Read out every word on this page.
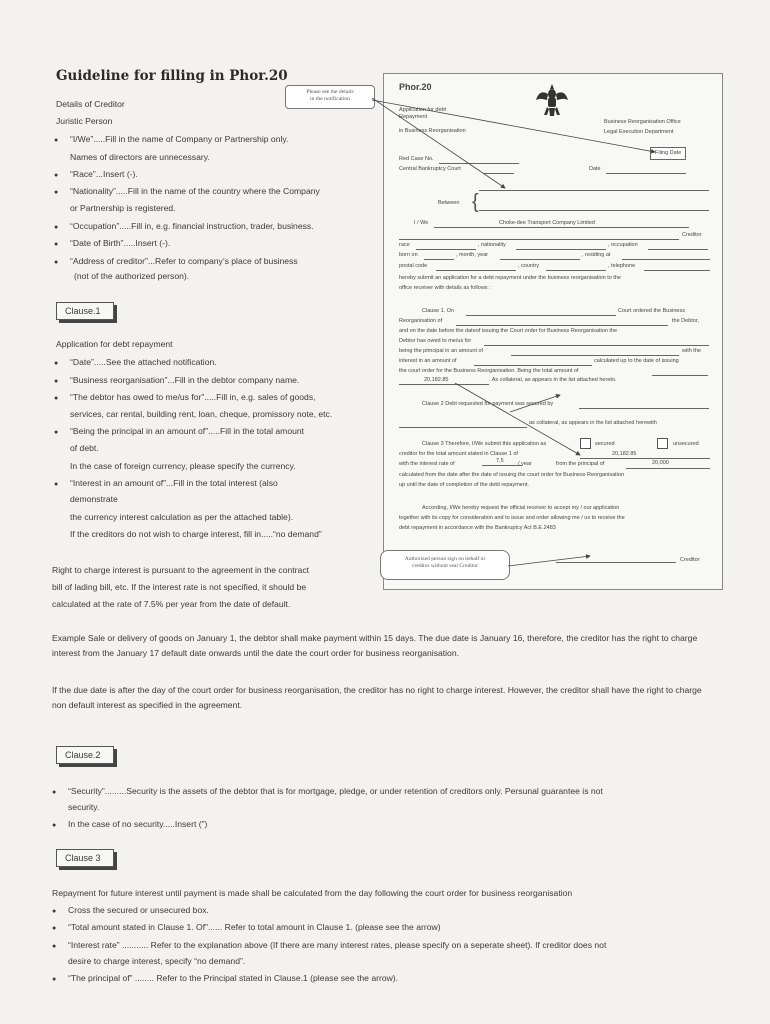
Guideline for filling in Phor.20
Please see the details
in the notification
Details of Creditor
Juristic Person
● “I/We”.....Fill in the name of Company or Partnership only.
Names of directors are unnecessary.
● “Race”...Insert (-).
● “Nationality”.....Fill in the name of the country where the Company
or Partnership is registered.
● “Occupation”.....Fill in, e.g. financial instruction, trader, business.
● “Date of Birth”.....Insert (-).
● “Address of creditor”...Refer to company’s place of business
(not of the authorized person).
Clause.1
Application for debt repayment
● “Date”.....See the attached notification.
● “Business reorganisation”...Fill in the debtor company name.
● “The debtor has owed to me/us for”.....Fill in, e.g. sales of goods,
services, car rental, building rent, loan, cheque, promissory note, etc.
● “Being the principal in an amount of”.....Fill in the total amount
of debt.
In the case of foreign currency, please specify the currency.
● “Interest in an amount of”...Fill in the total interest (also
demonstrate
the currency interest calculation as per the attached table).
If the creditors do not wish to charge interest, fill in.....“no demand”
Right to charge interest is pursuant to the agreement in the contract
bill of lading bill, etc. If the interest rate is not specified, it should be
calculated at the rate of 7.5% per year from the date of default.
Phor.20
Application for debt
Repayment
in Business Reorganisation
Business Reorganisation Office
Legal Execution Department
Filing Date
Red Case No.
Central Bankruptcy Court	Date
Between {
I / We	Choke-dee Transport Company Limited
Creditor
race	, nationality	, occupation
born on	, month, year	, residing at
postal code	, country	, telephone
hereby submit an application for a debt repayment under the business reorganisation to the
office receiver with details as follows :
Clause 1. On	Court ordered the Business
Reorganisation of	the Debtor,
and on the date before the dateof issuing the Court order for Business Reorganisation the
Debtor has owed to me/us for
being the principal in an amount of	with the
interest in an amount of	calculated up to the date of issuing
the court order for the Business Reorganisation. Being the total amount of
20,182.85	. As collateral, as appears in the list attached hereto.
Clause 2 Debt requested for payment was secured by
as collateral, as appears in the list attached herewith
Clause 3 Therefore, I/We submit this application as	secured	unsecured
creditor for the total amount stated in Clause 1 of	20,182.85
with the interest rate of	7.5	/ year	from the principal of	20,000
calculated from the date after the date of issuing the court order for Business Reorganisation
up until the date of completion of the debt repayment.
According, I/We hereby request the official receiver to accept my / our application
together with its copy for consideration and to issue and order allowing me / us to receive the
debt repayment in accordance with the Bankruptcy Act B.E.2483
Creditor
Authorized person sign on behalf or
creditor without seal Creditor
Example Sale or delivery of goods on January 1, the debtor shall make payment within 15 days. The due date is January 16, therefore, the creditor has the right to charge interest from the January 17 default date onwards until the date the court order for business reorganisation.
If the due date is after the day of the court order for business reorganisation, the creditor has no right to charge interest. However, the creditor shall have the right to charge non default interest as specified in the agreement.
Clause.2
● “Security”.........Security is the assets of the debtor that is for mortgage, pledge, or under retention of creditors only. Persunal guarantee is not
security.
● In the case of no security.....Insert (”)
Clause 3
Repayment for future interest until payment is made shall be calculated from the day following the court order for business reorganisation
● Cross the secured or unsecured box.
● “Total amount stated in Clause 1. Of”...... Refer to total amount in Clause 1. (please see the arrow)
● “Interest rate” ........... Refer to the explanation above (If there are many interest rates, please specify on a seperate sheet). If creditor does not
desire to charge interest, specify “no demand”.
● “The principal of” ........ Refer to the Principal stated in Clause.1 (please see the arrow).
